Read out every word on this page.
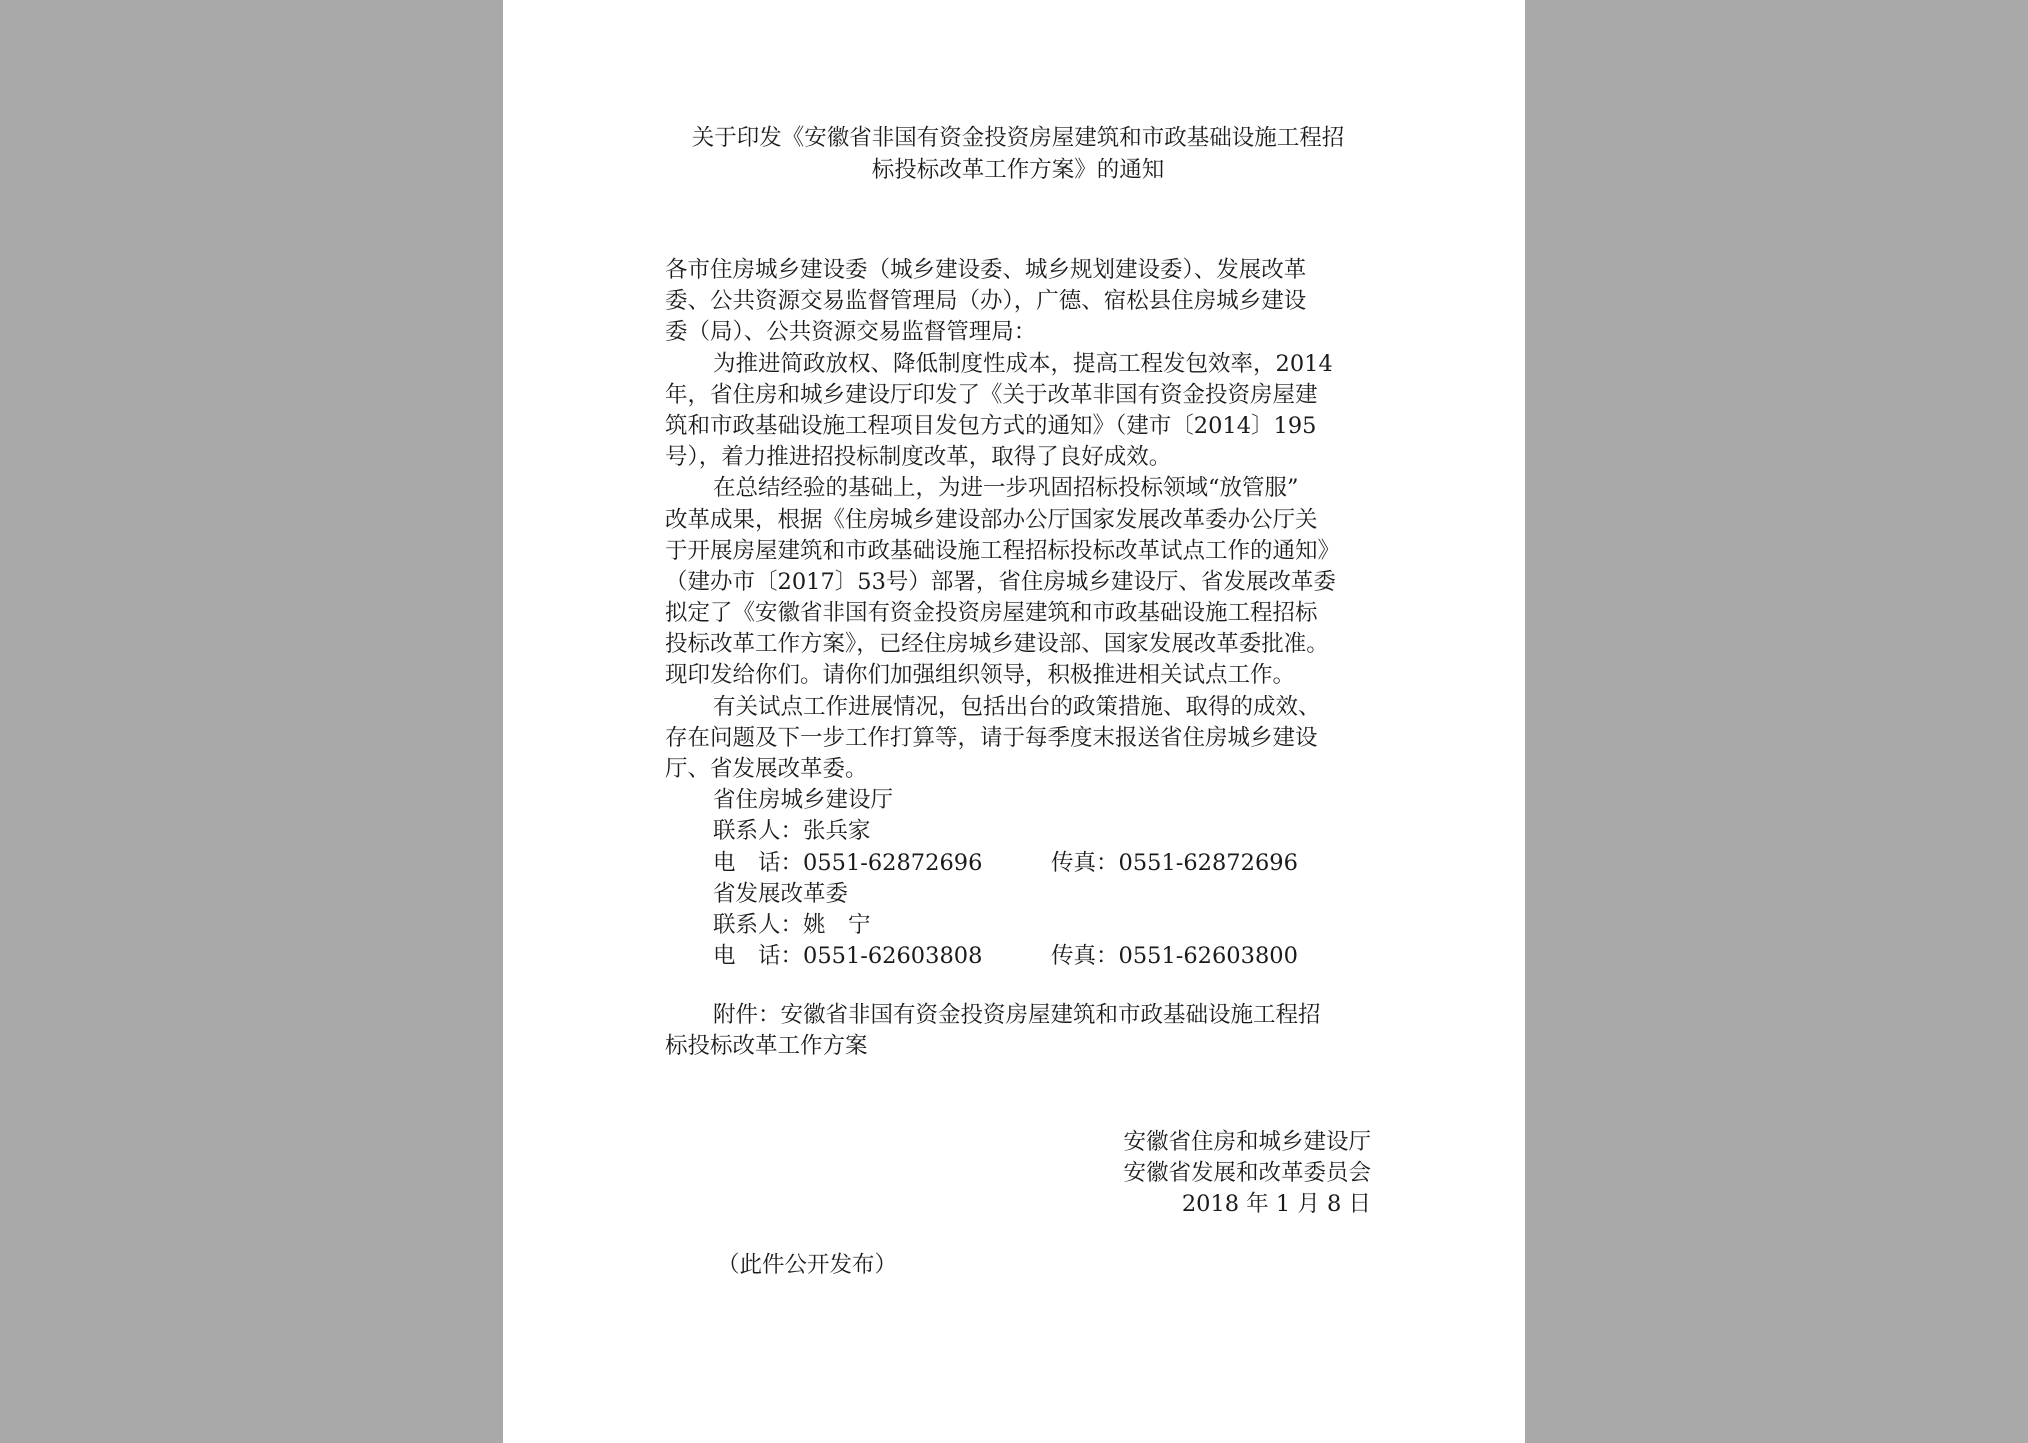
关于印发《安徽省非国有资金投资房屋建筑和市政基础设施工程招
标投标改革工作方案》的通知
各市住房城乡建设委（城乡建设委、城乡规划建设委）、发展改革
委、公共资源交易监督管理局（办），广德、宿松县住房城乡建设
委（局）、公共资源交易监督管理局：
为推进简政放权、降低制度性成本，提高工程发包效率，2014
年，省住房和城乡建设厅印发了《关于改革非国有资金投资房屋建
筑和市政基础设施工程项目发包方式的通知》（建市〔2014〕195
号），着力推进招投标制度改革，取得了良好成效。
在总结经验的基础上，为进一步巩固招标投标领域“放管服”
改革成果，根据《住房城乡建设部办公厅国家发展改革委办公厅关
于开展房屋建筑和市政基础设施工程招标投标改革试点工作的通知》
（建办市〔2017〕53号）部署，省住房城乡建设厅、省发展改革委
拟定了《安徽省非国有资金投资房屋建筑和市政基础设施工程招标
投标改革工作方案》，已经住房城乡建设部、国家发展改革委批准。
现印发给你们。请你们加强组织领导，积极推进相关试点工作。
有关试点工作进展情况，包括出台的政策措施、取得的成效、
存在问题及下一步工作打算等，请于每季度末报送省住房城乡建设
厅、省发展改革委。
省住房城乡建设厅
联系人：张兵家
电　话：0551-62872696	传真：0551-62872696
省发展改革委
联系人：姚　宁
电　话：0551-62603808	传真：0551-62603800
附件：安徽省非国有资金投资房屋建筑和市政基础设施工程招
标投标改革工作方案
安徽省住房和城乡建设厅
安徽省发展和改革委员会
2018 年 1 月 8 日
（此件公开发布）
